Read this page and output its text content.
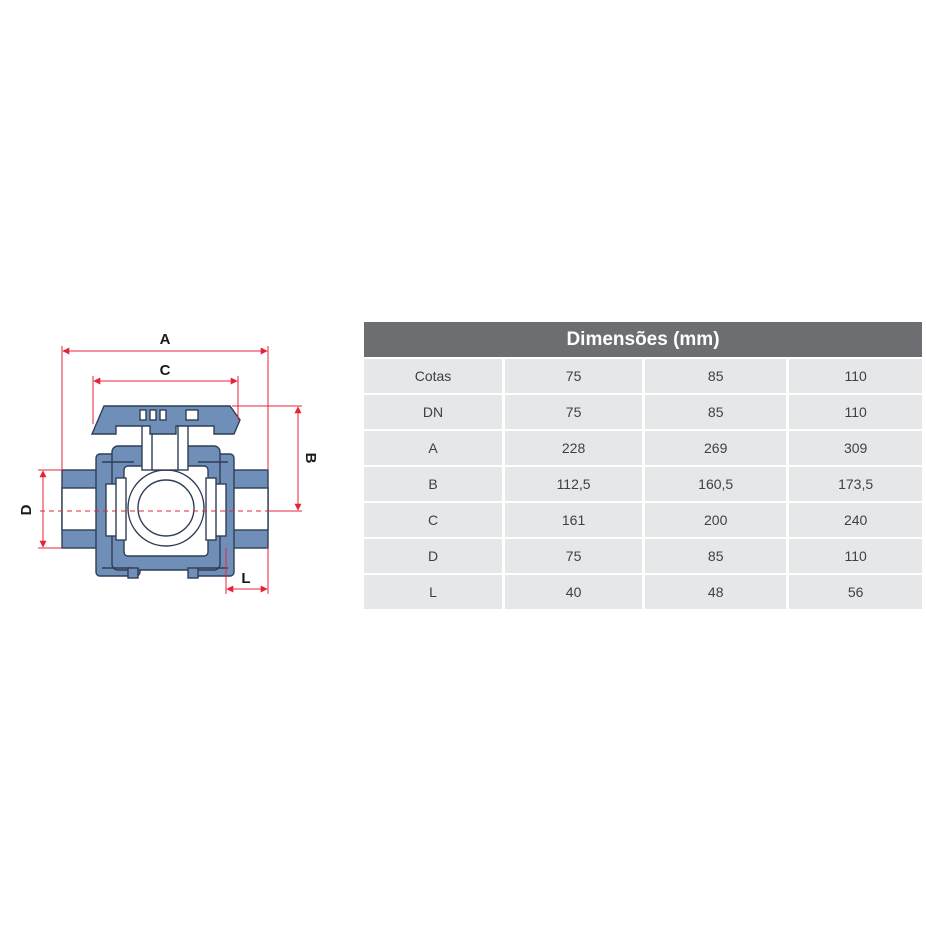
A
C
B
D
L
Dimensões (mm)			
Cotas	75	85	110
DN	75	85	110
A	228	269	309
B	112,5	160,5	173,5
C	161	200	240
D	75	85	110
L	40	48	56
